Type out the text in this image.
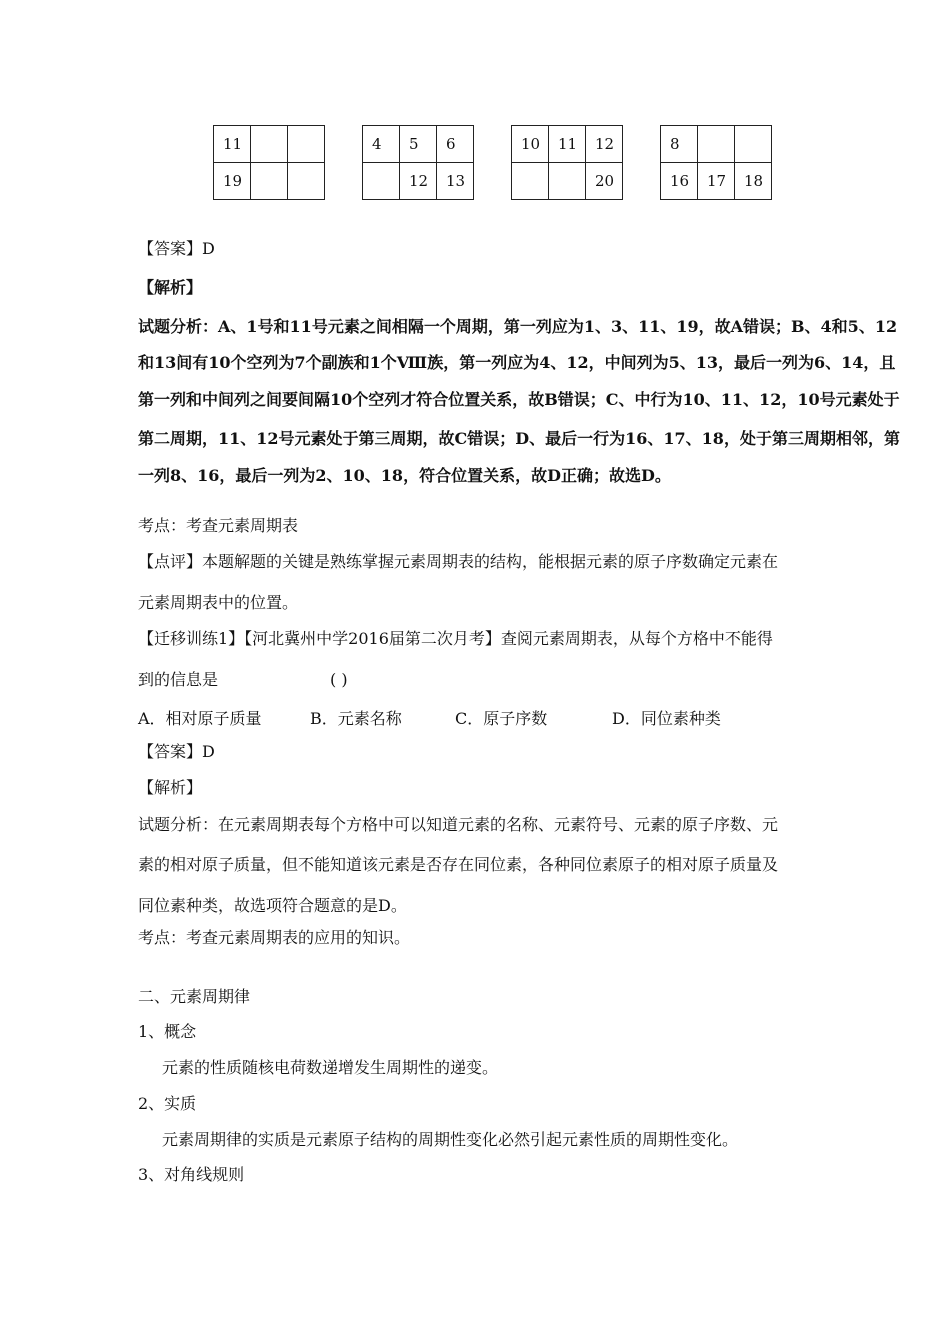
11		
19		
4	5	6
	12	13
10	11	12
		20
8		
16	17	18
【答案】D
【解析】
试题分析：A、1号和11号元素之间相隔一个周期，第一列应为1、3、11、19，故A错误；B、4和5、12
和13间有10个空列为7个副族和1个Ⅷ族，第一列应为4、12，中间列为5、13，最后一列为6、14，且
第一列和中间列之间要间隔10个空列才符合位置关系，故B错误；C、中行为10、11、12，10号元素处于
第二周期，11、12号元素处于第三周期，故C错误；D、最后一行为16、17、18，处于第三周期相邻，第
一列8、16，最后一列为2、10、18，符合位置关系，故D正确；故选D。
考点：考查元素周期表
【点评】本题解题的关键是熟练掌握元素周期表的结构，能根据元素的原子序数确定元素在
元素周期表中的位置。
【迁移训练1】【河北冀州中学2016届第二次月考】查阅元素周期表，从每个方格中不能得
到的信息是	( )
A．相对原子质量	B．元素名称	C．原子序数	D．同位素种类
【答案】D
【解析】
试题分析：在元素周期表每个方格中可以知道元素的名称、元素符号、元素的原子序数、元
素的相对原子质量，但不能知道该元素是否存在同位素，各种同位素原子的相对原子质量及
同位素种类，故选项符合题意的是D。
考点：考查元素周期表的应用的知识。
二、元素周期律
1、概念
元素的性质随核电荷数递增发生周期性的递变。
2、实质
元素周期律的实质是元素原子结构的周期性变化必然引起元素性质的周期性变化。
3、对角线规则
